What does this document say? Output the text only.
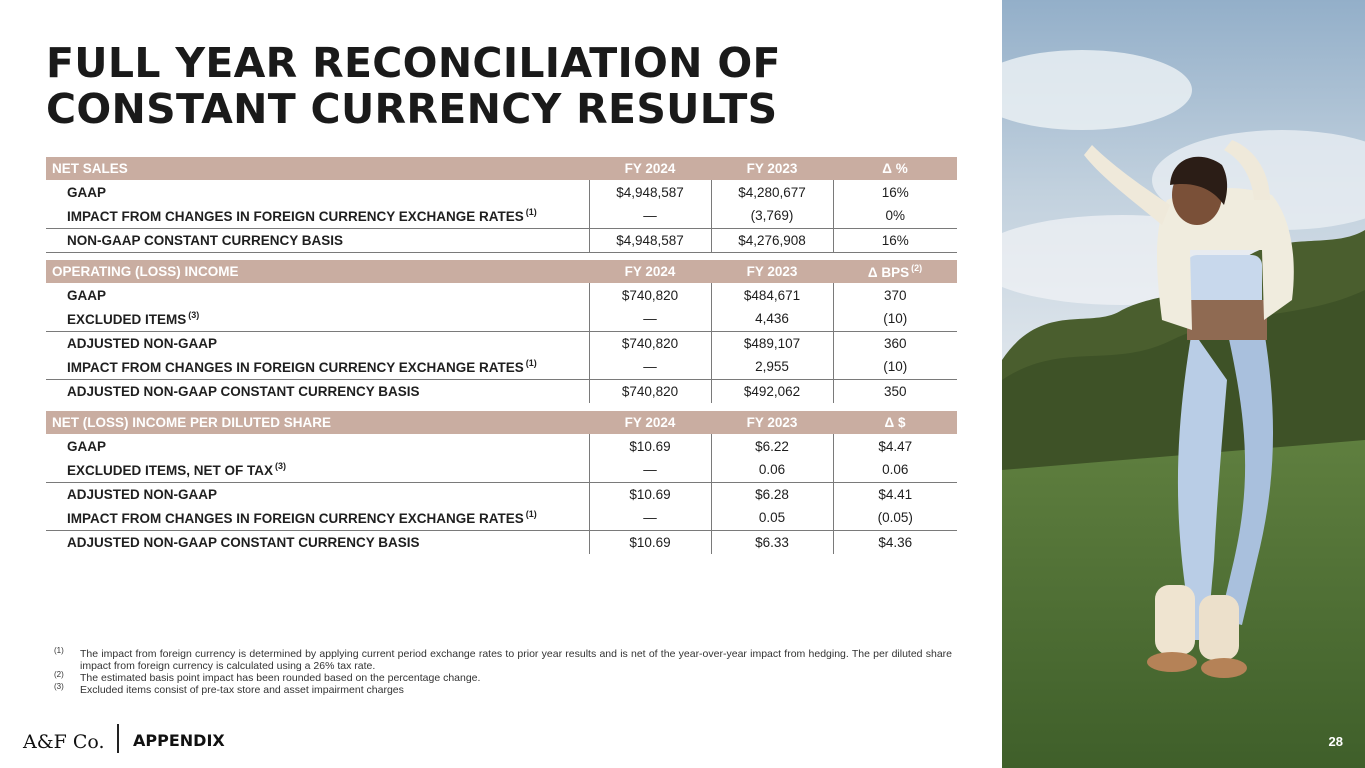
FULL YEAR RECONCILIATION OF
CONSTANT CURRENCY RESULTS
NET SALES	FY 2024	FY 2023	Δ %
GAAP	$4,948,587	$4,280,677	16%
IMPACT FROM CHANGES IN FOREIGN CURRENCY EXCHANGE RATES $^{(1)}$	—	(3,769)	0%
NON-GAAP CONSTANT CURRENCY BASIS	$4,948,587	$4,276,908	16%

OPERATING (LOSS) INCOME	FY 2024	FY 2023	Δ BPS $^{(2)}$
GAAP	$740,820	$484,671	370
EXCLUDED ITEMS $^{(3)}$	—	4,436	(10)
ADJUSTED NON-GAAP	$740,820	$489,107	360
IMPACT FROM CHANGES IN FOREIGN CURRENCY EXCHANGE RATES $^{(1)}$	—	2,955	(10)
ADJUSTED NON-GAAP CONSTANT CURRENCY BASIS	$740,820	$492,062	350

NET (LOSS) INCOME PER DILUTED SHARE	FY 2024	FY 2023	Δ $
GAAP	$10.69	$6.22	$4.47
EXCLUDED ITEMS, NET OF TAX $^{(3)}$	—	0.06	0.06
ADJUSTED NON-GAAP	$10.69	$6.28	$4.41
IMPACT FROM CHANGES IN FOREIGN CURRENCY EXCHANGE RATES $^{(1)}$	—	0.05	(0.05)
ADJUSTED NON-GAAP CONSTANT CURRENCY BASIS	$10.69	$6.33	$4.36
(1) The impact from foreign currency is determined by applying current period exchange rates to prior year results and is net of the year-over-year impact from hedging. The per diluted share impact from foreign currency is calculated using a 26% tax rate.
(2) The estimated basis point impact has been rounded based on the percentage change.
(3) Excluded items consist of pre-tax store and asset impairment charges
A&F Co. APPENDIX	28
